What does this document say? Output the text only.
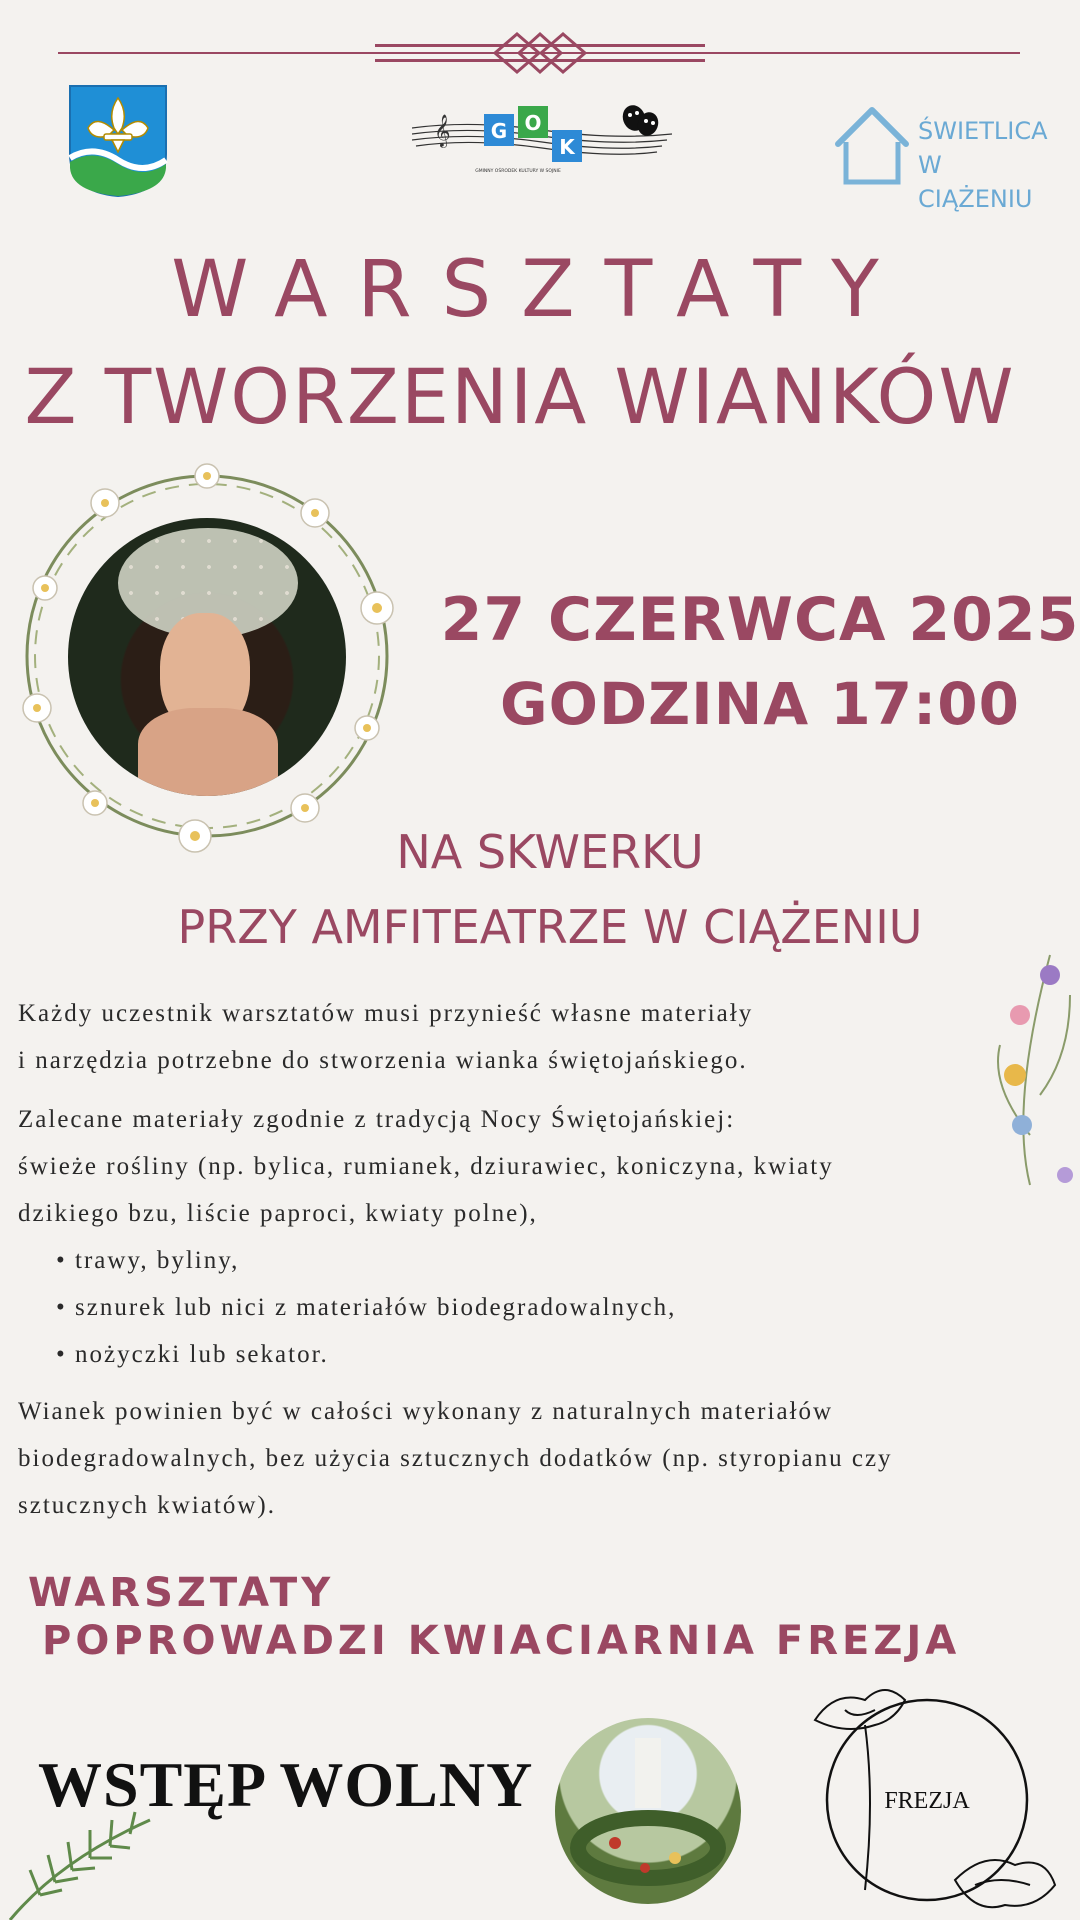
𝄞 G O
K
GMINNY OŚRODEK KULTURY W SOJNIE
ŚWIETLICA
W CIĄŻENIU
WARSZTATY
Z TWORZENIA WIANKÓW
27 CZERWCA 2025
GODZINA 17:00
NA SKWERKU
PRZY AMFITEATRZE W CIĄŻENIU

Każdy uczestnik warsztatów musi przynieść własne materiały

i narzędzia potrzebne do stworzenia wianka świętojańskiego.

Zalecane materiały zgodnie z tradycją Nocy Świętojańskiej:

świeże rośliny (np. bylica, rumianek, dziurawiec, koniczyna, kwiaty

dzikiego bzu, liście paproci, kwiaty polne),

• trawy, byliny,
• sznurek lub nici z materiałów biodegradowalnych,
• nożyczki lub sekator.

Wianek powinien być w całości wykonany z naturalnych materiałów

biodegradowalnych, bez użycia sztucznych dodatków (np. styropianu czy

sztucznych kwiatów).

WARSZTATY
POPROWADZI KWIACIARNIA FREZJA
WSTĘP WOLNY	FREZJA
